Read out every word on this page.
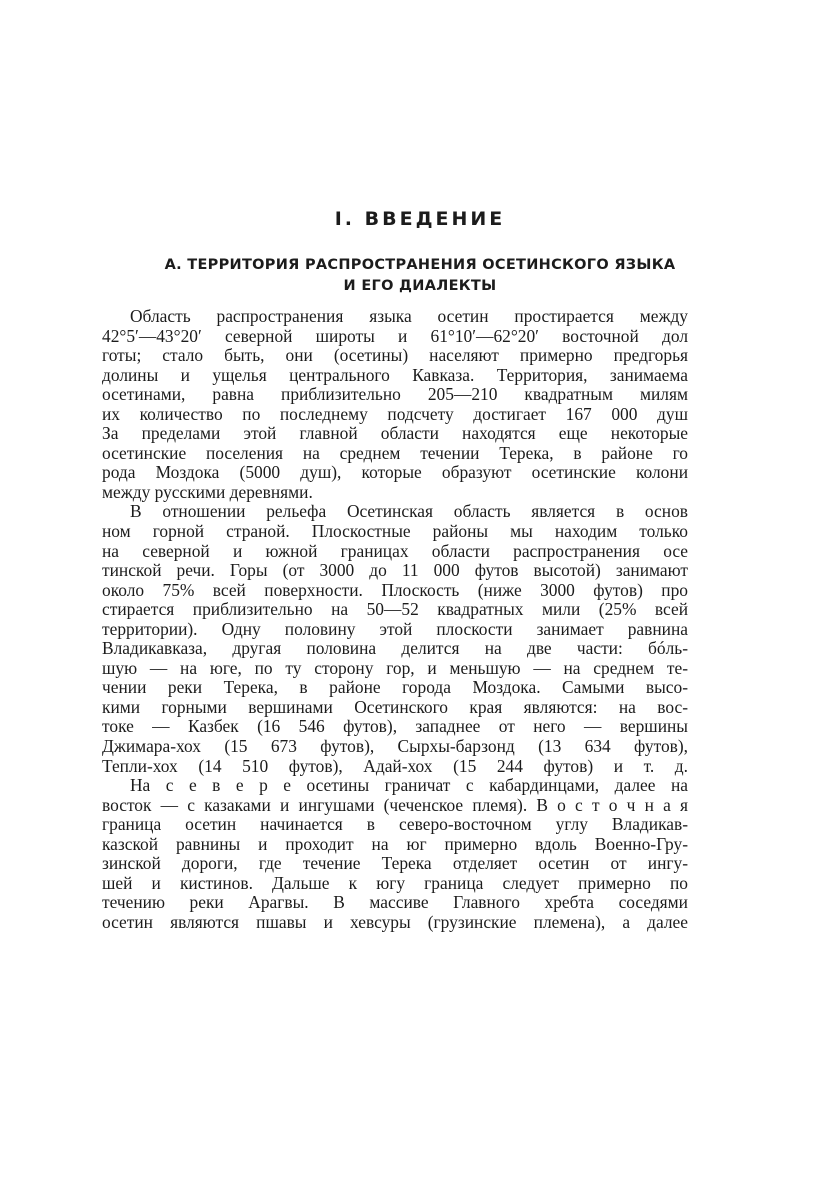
I. ВВЕДЕНИЕ
А. ТЕРРИТОРИЯ РАСПРОСТРАНЕНИЯ ОСЕТИНСКОГО ЯЗЫКА
И ЕГО ДИАЛЕКТЫ
Область распространения языка осетин простирается между
42°5′—43°20′ северной широты и 61°10′—62°20′ восточной дол
готы; стало быть, они (осетины) населяют примерно предгорья
долины и ущелья центрального Кавказа. Территория, занимаема
осетинами, равна приблизительно 205—210 квадратным милям
их количество по последнему подсчету достигает 167 000 душ
За пределами этой главной области находятся еще некоторые
осетинские поселения на среднем течении Терека, в районе го
рода Моздока (5000 душ), которые образуют осетинские колони
между русскими деревнями.
В отношении рельефа Осетинская область является в основ
ном горной страной. Плоскостные районы мы находим только
на северной и южной границах области распространения осе
тинской речи. Горы (от 3000 до 11 000 футов высотой) занимают
около 75% всей поверхности. Плоскость (ниже 3000 футов) про
стирается приблизительно на 50—52 квадратных мили (25% всей
территории). Одну половину этой плоскости занимает равнина
Владикавказа, другая половина делится на две части: бóль-
шую — на юге, по ту сторону гор, и меньшую — на среднем те-
чении реки Терека, в районе города Моздока. Самыми высо-
кими горными вершинами Осетинского края являются: на вос-
токе — Казбек (16 546 футов), западнее от него — вершины
Джимара-хох (15 673 футов), Сырхы-барзонд (13 634 футов),
Тепли-хох (14 510 футов), Адай-хох (15 244 футов) и т. д.
На с е в е р е осетины граничат с кабардинцами, далее на
восток — с казаками и ингушами (чеченское племя). В о с т о ч н а я
граница осетин начинается в северо-восточном углу Владикав-
казской равнины и проходит на юг примерно вдоль Военно-Гру-
зинской дороги, где течение Терека отделяет осетин от ингу-
шей и кистинов. Дальше к югу граница следует примерно по
течению реки Арагвы. В массиве Главного хребта соседями
осетин являются пшавы и хевсуры (грузинские племена), а далее
